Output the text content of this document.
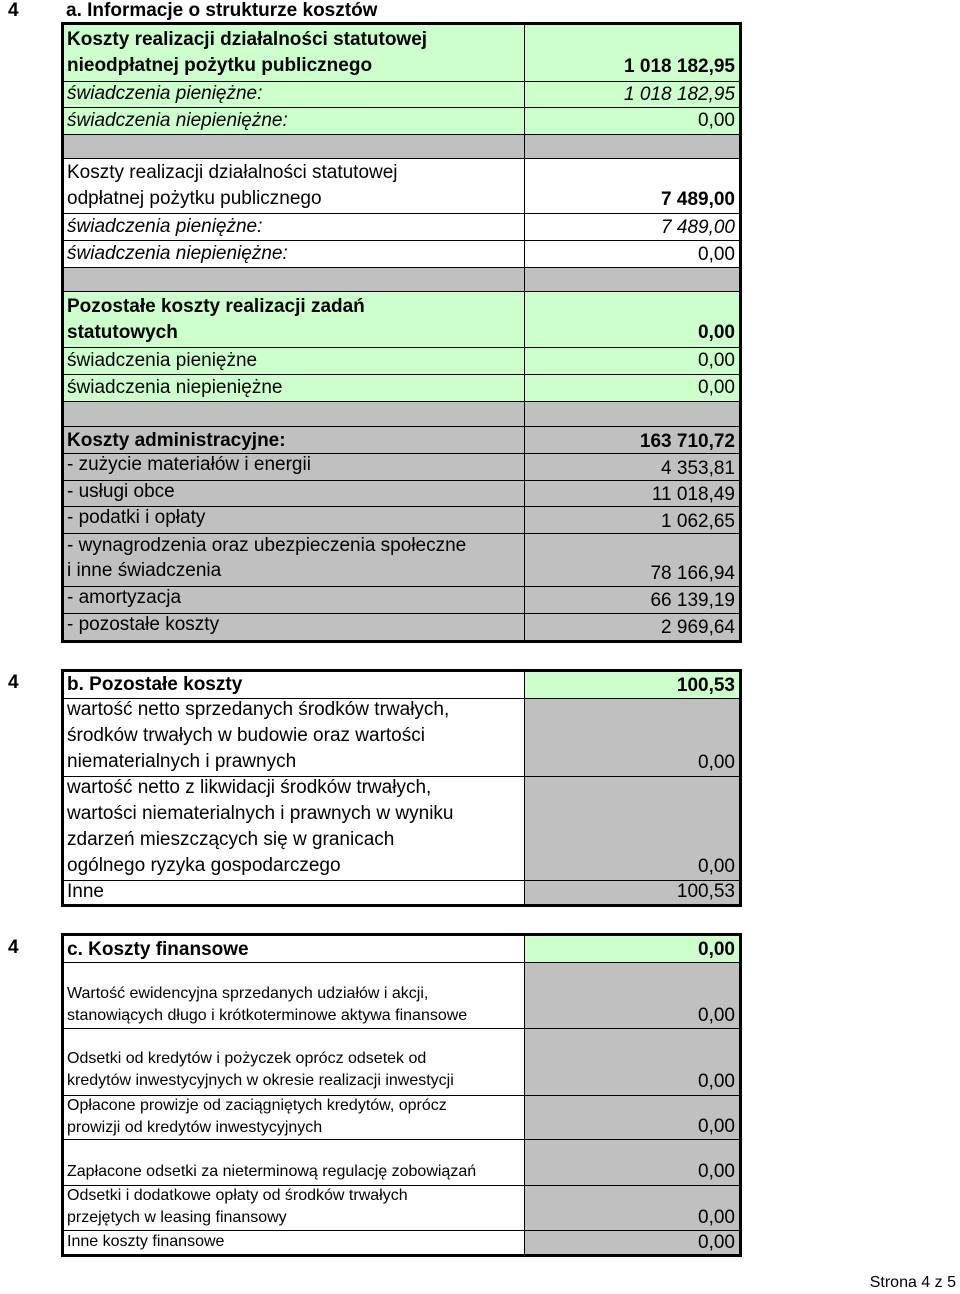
4 a. Informacje o strukturze kosztów
Koszty realizacji działalności statutowej
nieodpłatnej pożytku publicznego	1 018 182,95
świadczenia pieniężne:	1 018 182,95
świadczenia niepieniężne:	0,00
Koszty realizacji działalności statutowej
odpłatnej pożytku publicznego	7 489,00
świadczenia pieniężne:	7 489,00
świadczenia niepieniężne:	0,00
Pozostałe koszty realizacji zadań
statutowych	0,00
świadczenia pieniężne	0,00
świadczenia niepieniężne	0,00
Koszty administracyjne:	163 710,72
- zużycie materiałów i energii	4 353,81
- usługi obce	11 018,49
- podatki i opłaty	1 062,65
- wynagrodzenia oraz ubezpieczenia społeczne
i inne świadczenia	78 166,94
- amortyzacja	66 139,19
- pozostałe koszty	2 969,64
4	b. Pozostałe koszty	100,53
wartość netto sprzedanych środków trwałych,
środków trwałych w budowie oraz wartości
niematerialnych i prawnych	0,00
wartość netto z likwidacji środków trwałych,
wartości niematerialnych i prawnych w wyniku
zdarzeń mieszczących się w granicach
ogólnego ryzyka gospodarczego	0,00
Inne	100,53
4	c. Koszty finansowe	0,00
Wartość ewidencyjna sprzedanych udziałów i akcji,
stanowiących długo i krótkoterminowe aktywa finansowe	0,00
Odsetki od kredytów i pożyczek oprócz odsetek od
kredytów inwestycyjnych w okresie realizacji inwestycji	0,00
Opłacone prowizje od zaciągniętych kredytów, oprócz
prowizji od kredytów inwestycyjnych	0,00
Zapłacone odsetki za nieterminową regulację zobowiązań	0,00
Odsetki i dodatkowe opłaty od środków trwałych
przejętych w leasing finansowy	0,00
Inne koszty finansowe	0,00
Strona 4 z 5
